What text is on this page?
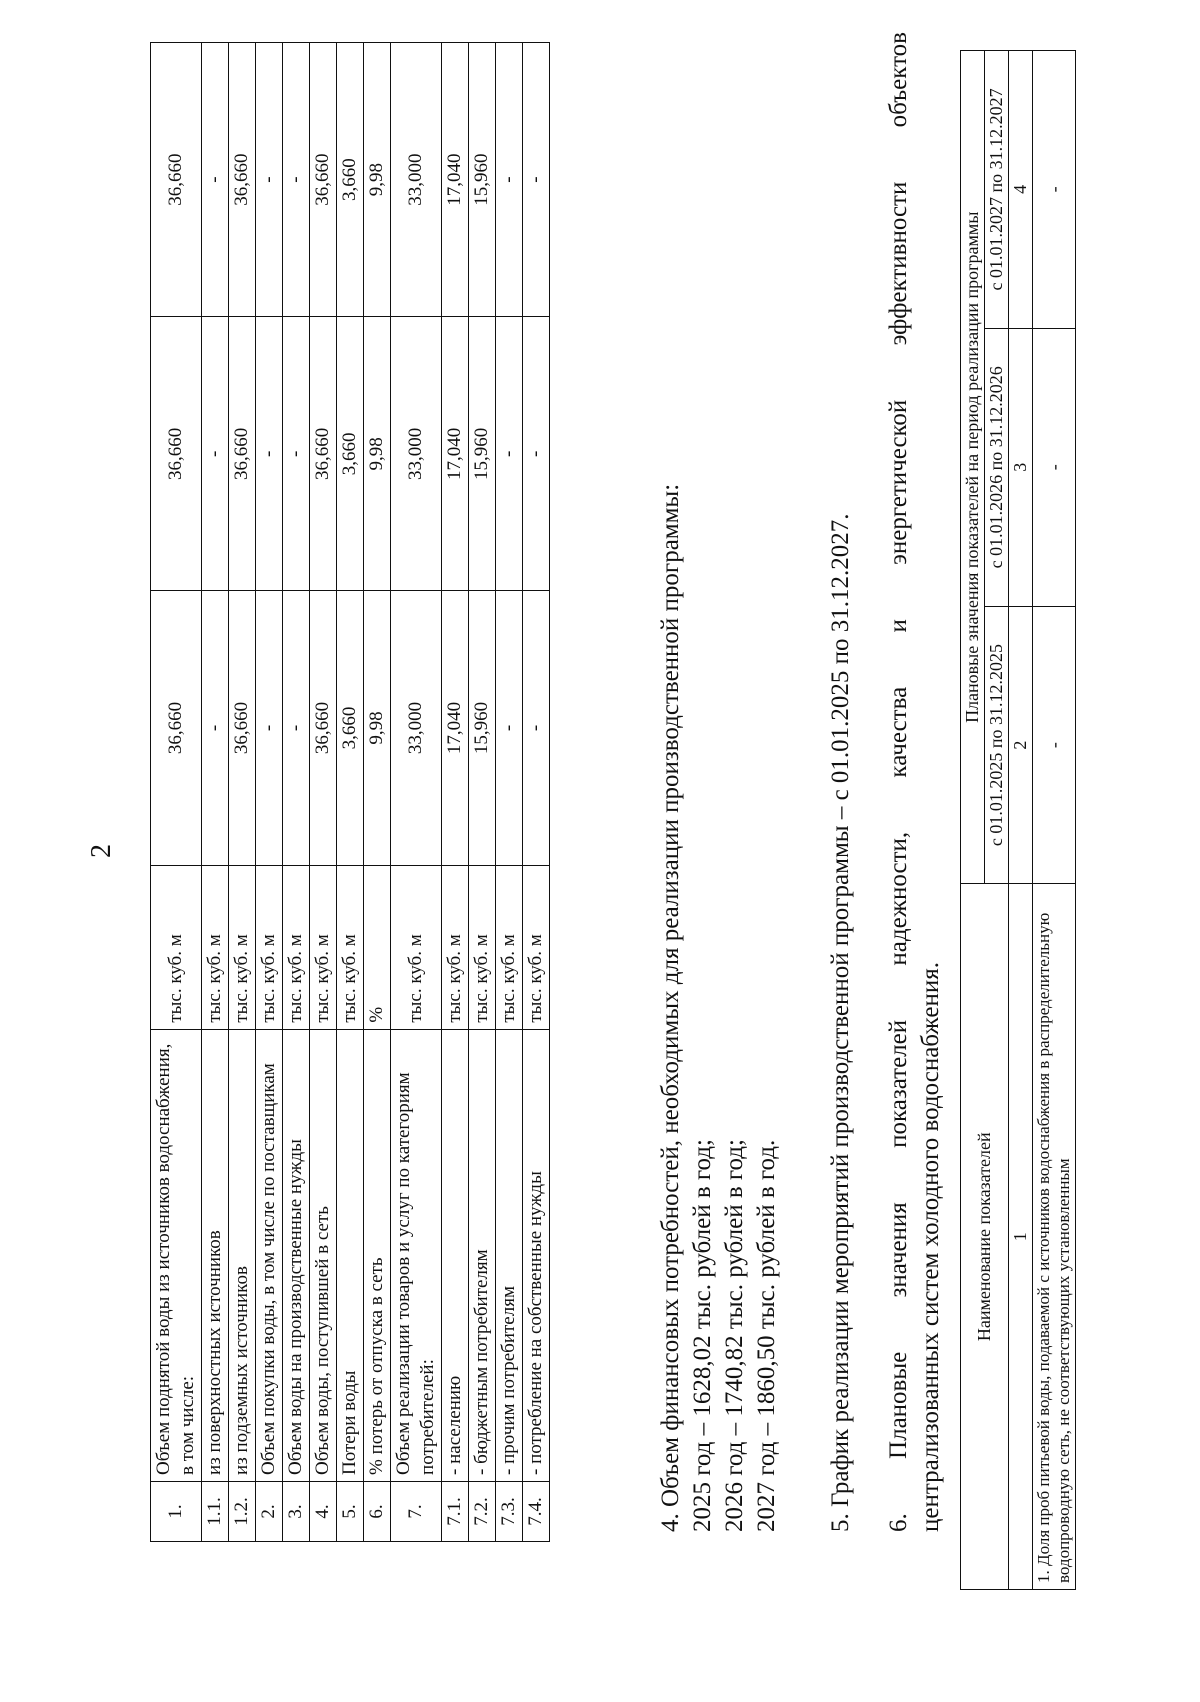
2
1.	Объем поднятой воды из источников водоснабжения, в том числе:	тыс. куб. м	36,660	36,660	36,660
1.1.	из поверхностных источников	тыс. куб. м	-	-	-
1.2.	из подземных источников	тыс. куб. м	36,660	36,660	36,660
2.	Объем покупки воды, в том числе по поставщикам	тыс. куб. м	-	-	-
3.	Объем воды на производственные нужды	тыс. куб. м	-	-	-
4.	Объем воды, поступившей в сеть	тыс. куб. м	36,660	36,660	36,660
5.	Потери воды	тыс. куб. м	3,660	3,660	3,660
6.	% потерь от отпуска в сеть	%	9,98	9,98	9,98
7.	Объем реализации товаров и услуг по категориям потребителей:	тыс. куб. м	33,000	33,000	33,000
7.1.	- населению	тыс. куб. м	17,040	17,040	17,040
7.2.	- бюджетным потребителям	тыс. куб. м	15,960	15,960	15,960
7.3.	- прочим потребителям	тыс. куб. м	-	-	-
7.4.	- потребление на собственные нужды	тыс. куб. м	-	-	-
4. Объем финансовых потребностей, необходимых для реализации производственной программы: 2025 год – 1628,02 тыс. рублей в год; 2026 год – 1740,82 тыс. рублей в год; 2027 год – 1860,50 тыс. рублей в год. 5. График реализации мероприятий производственной программы – с 01.01.2025 по 31.12.2027. 6. Плановые значения показателей надежности, качества и энергетической эффективности объектов централизованных систем холодного водоснабжения. Наименование показателей	Плановые значения показателей на период реализации программы		
	с 01.01.2025 по 31.12.2025	с 01.01.2026 по 31.12.2026	с 01.01.2027 по 31.12.2027
1	2	3	4
1. Доля проб питьевой воды, подаваемой с источников водоснабжения в распределительную водопроводную сеть, не соответствующих установленным	-	-	-
